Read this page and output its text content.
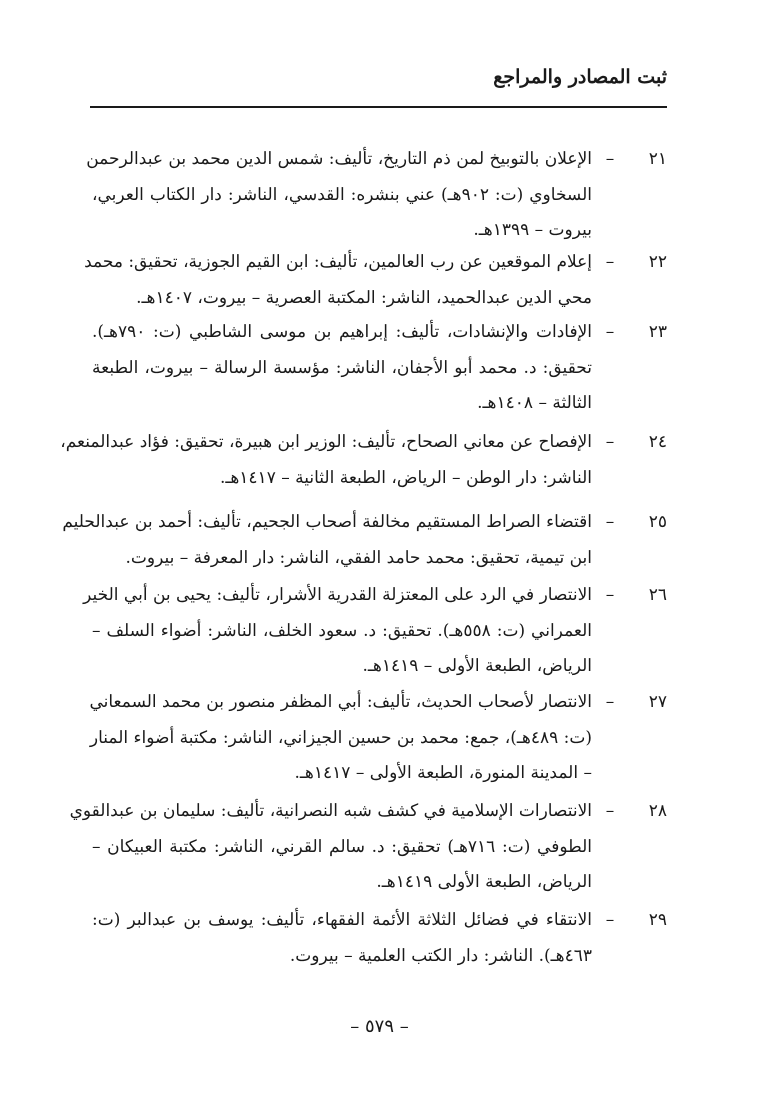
ثبت المصادر والمراجع
٢١
–
الإعلان بالتوبيخ لمن ذم التاريخ، تأليف: شمس الدين محمد بن عبدالرحمن
السخاوي (ت: ٩٠٢هـ) عني بنشره: القدسي، الناشر: دار الكتاب العربي،
بيروت – ١٣٩٩هـ.
٢٢
–
إعلام الموقعين عن رب العالمين، تأليف: ابن القيم الجوزية، تحقيق: محمد
محي الدين عبدالحميد، الناشر: المكتبة العصرية – بيروت، ١٤٠٧هـ.
٢٣
–
الإفادات والإنشادات، تأليف: إبراهيم بن موسى الشاطبي (ت: ٧٩٠هـ).
تحقيق: د. محمد أبو الأجفان، الناشر: مؤسسة الرسالة – بيروت، الطبعة
الثالثة – ١٤٠٨هـ.
٢٤
–
الإفصاح عن معاني الصحاح، تأليف: الوزير ابن هبيرة، تحقيق: فؤاد عبدالمنعم،
الناشر: دار الوطن – الرياض، الطبعة الثانية – ١٤١٧هـ.
٢٥
–
اقتضاء الصراط المستقيم مخالفة أصحاب الجحيم، تأليف: أحمد بن عبدالحليم
ابن تيمية، تحقيق: محمد حامد الفقي، الناشر: دار المعرفة – بيروت.
٢٦
–
الانتصار في الرد على المعتزلة القدرية الأشرار، تأليف: يحيى بن أبي الخير
العمراني (ت: ٥٥٨هـ). تحقيق: د. سعود الخلف، الناشر: أضواء السلف –
الرياض، الطبعة الأولى – ١٤١٩هـ.
٢٧
–
الانتصار لأصحاب الحديث، تأليف: أبي المظفر منصور بن محمد السمعاني
(ت: ٤٨٩هـ)، جمع: محمد بن حسين الجيزاني، الناشر: مكتبة أضواء المنار
– المدينة المنورة، الطبعة الأولى – ١٤١٧هـ.
٢٨
–
الانتصارات الإسلامية في كشف شبه النصرانية، تأليف: سليمان بن عبدالقوي
الطوفي (ت: ٧١٦هـ) تحقيق: د. سالم القرني، الناشر: مكتبة العبيكان –
الرياض، الطبعة الأولى ١٤١٩هـ.
٢٩
–
الانتقاء في فضائل الثلاثة الأئمة الفقهاء، تأليف: يوسف بن عبدالبر (ت:
٤٦٣هـ). الناشر: دار الكتب العلمية – بيروت.
– ٥٧٩ –
